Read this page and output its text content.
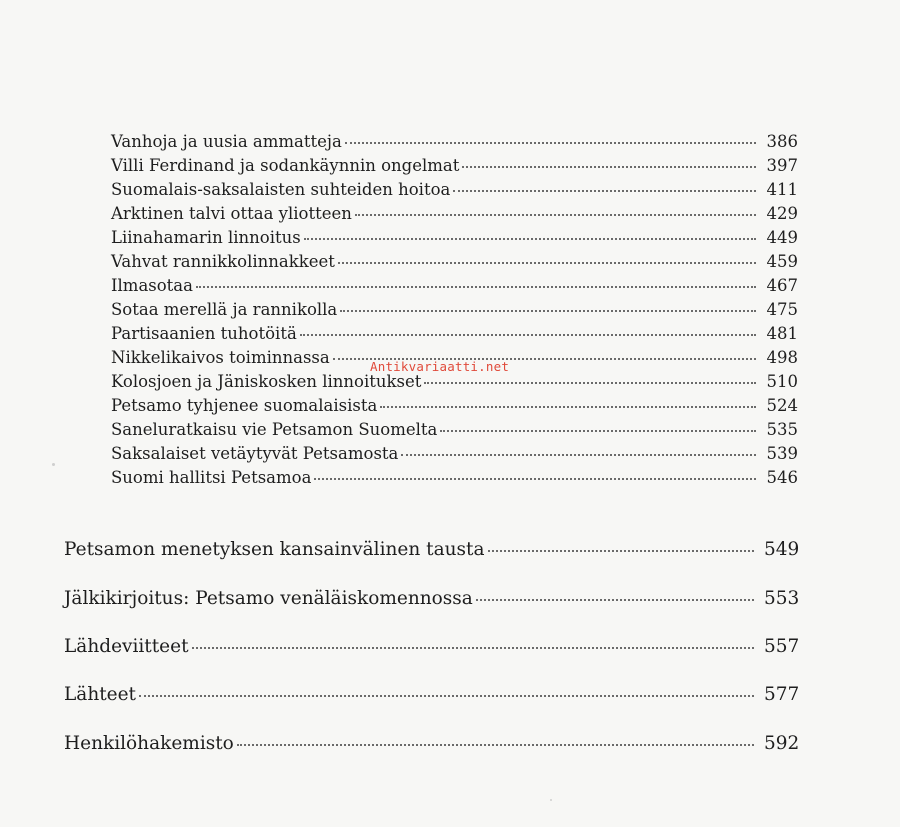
Vanhoja ja uusia ammatteja	386
Villi Ferdinand ja sodankäynnin ongelmat	397
Suomalais-saksalaisten suhteiden hoitoa	411
Arktinen talvi ottaa yliotteen	429
Liinahamarin linnoitus	449
Vahvat rannikkolinnakkeet	459
Ilmasotaa	467
Sotaa merellä ja rannikolla	475
Partisaanien tuhotöitä	481
Nikkelikaivos toiminnassa	498
Kolosjoen ja Jäniskosken linnoitukset	510
Petsamo tyhjenee suomalaisista	524
Saneluratkaisu vie Petsamon Suomelta	535
Saksalaiset vetäytyvät Petsamosta	539
Suomi hallitsi Petsamoa	546
Petsamon menetyksen kansainvälinen tausta	549
Jälkikirjoitus: Petsamo venäläiskomennossa	553
Lähdeviitteet	557
Lähteet	577
Henkilöhakemisto	592
Antikvariaatti.net
